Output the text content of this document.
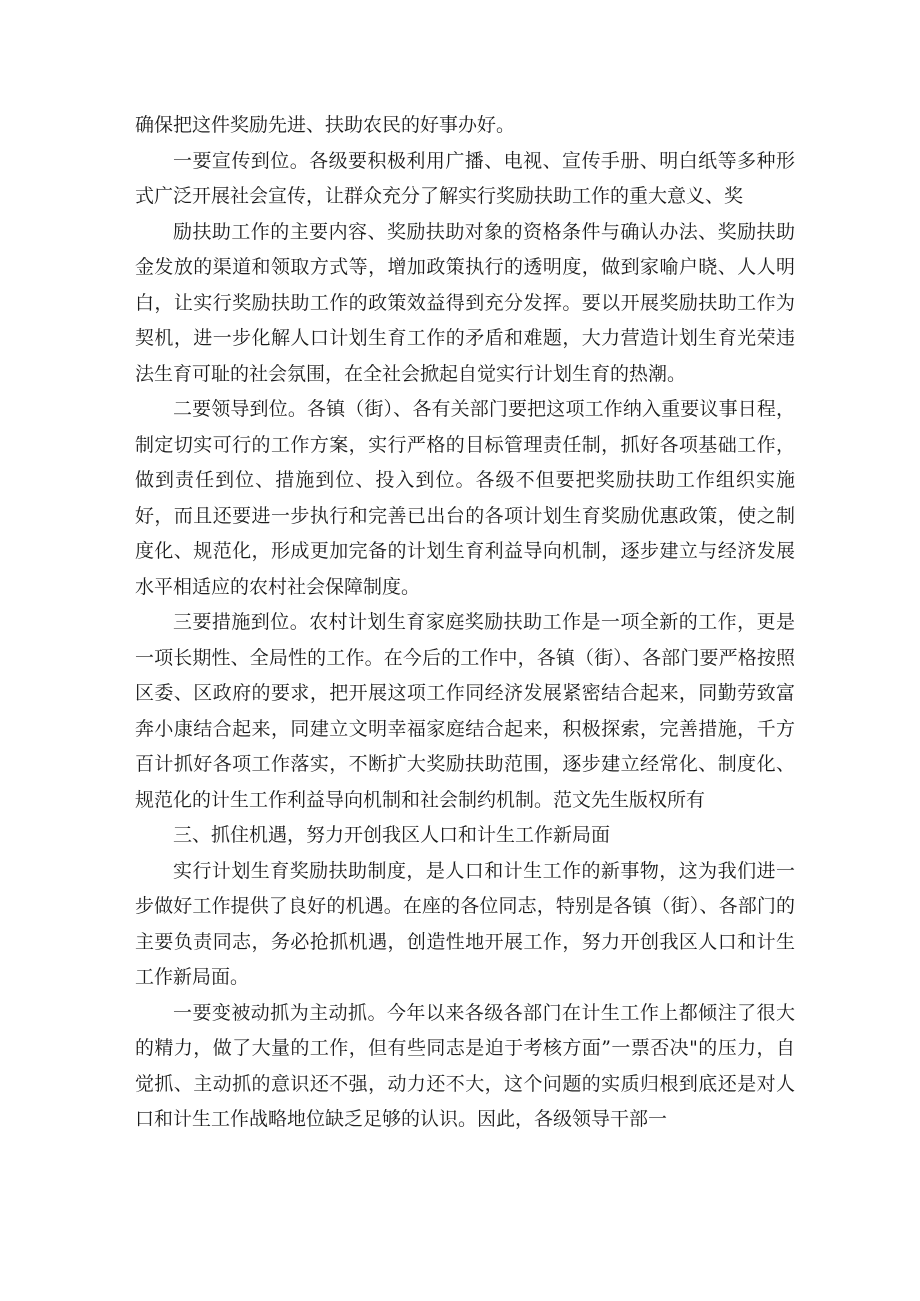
确保把这件奖励先进、扶助农民的好事办好。

一要宣传到位。各级要积极利用广播、电视、宣传手册、明白纸等多种形式广泛开展社会宣传，让群众充分了解实行奖励扶助工作的重大意义、奖

励扶助工作的主要内容、奖励扶助对象的资格条件与确认办法、奖励扶助金发放的渠道和领取方式等，增加政策执行的透明度，做到家喻户晓、人人明白，让实行奖励扶助工作的政策效益得到充分发挥。要以开展奖励扶助工作为契机，进一步化解人口计划生育工作的矛盾和难题，大力营造计划生育光荣违法生育可耻的社会氛围，在全社会掀起自觉实行计划生育的热潮。

二要领导到位。各镇（街）、各有关部门要把这项工作纳入重要议事日程，制定切实可行的工作方案，实行严格的目标管理责任制，抓好各项基础工作，做到责任到位、措施到位、投入到位。各级不但要把奖励扶助工作组织实施好，而且还要进一步执行和完善已出台的各项计划生育奖励优惠政策，使之制度化、规范化，形成更加完备的计划生育利益导向机制，逐步建立与经济发展水平相适应的农村社会保障制度。

三要措施到位。农村计划生育家庭奖励扶助工作是一项全新的工作，更是一项长期性、全局性的工作。在今后的工作中，各镇（街）、各部门要严格按照区委、区政府的要求，把开展这项工作同经济发展紧密结合起来，同勤劳致富奔小康结合起来，同建立文明幸福家庭结合起来，积极探索，完善措施，千方百计抓好各项工作落实，不断扩大奖励扶助范围，逐步建立经常化、制度化、规范化的计生工作利益导向机制和社会制约机制。范文先生版权所有

三、抓住机遇，努力开创我区人口和计生工作新局面

实行计划生育奖励扶助制度，是人口和计生工作的新事物，这为我们进一步做好工作提供了良好的机遇。在座的各位同志，特别是各镇（街）、各部门的主要负责同志，务必抢抓机遇，创造性地开展工作，努力开创我区人口和计生工作新局面。

一要变被动抓为主动抓。今年以来各级各部门在计生工作上都倾注了很大的精力，做了大量的工作，但有些同志是迫于考核方面”一票否决"的压力，自觉抓、主动抓的意识还不强，动力还不大，这个问题的实质归根到底还是对人口和计生工作战略地位缺乏足够的认识。因此，各级领导干部一
